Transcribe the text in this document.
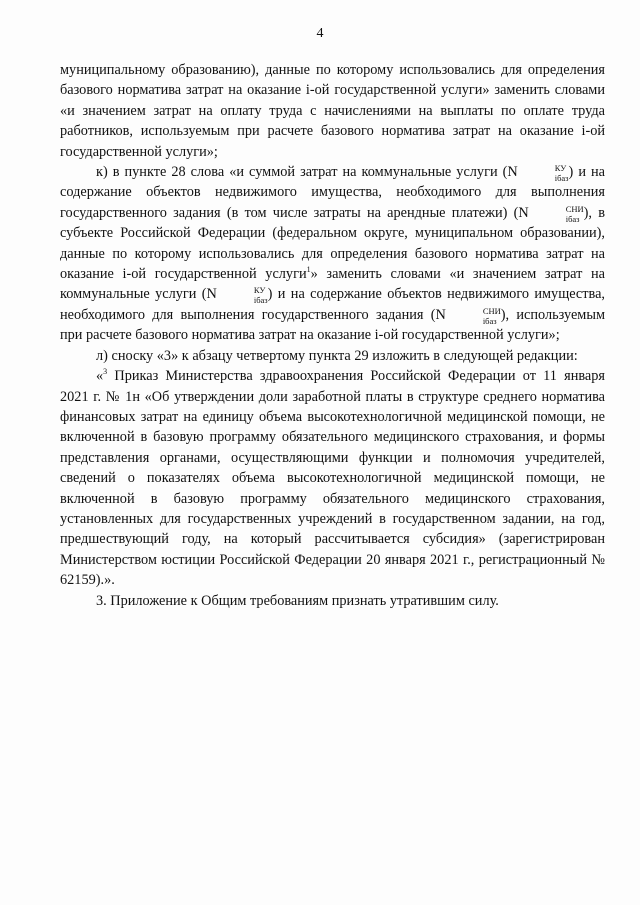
4

муниципальному образованию), данные по которому использовались для определения базового норматива затрат на оказание i-ой государственной услуги» заменить словами «и значением затрат на оплату труда с начислениями на выплаты по оплате труда работников, используемым при расчете базового норматива затрат на оказание i-ой государственной услуги»;

к) в пункте 28 слова «и суммой затрат на коммунальные услуги (N	КУ
iбаз ) и на содержание объектов недвижимого имущества, необходимого для выполнения государственного задания (в том числе затраты на арендные платежи) (N	СНИ
iбаз ), в субъекте Российской Федерации (федеральном округе, муниципальном образовании), данные по которому использовались для определения базового норматива затрат на оказание i-ой государственной услуги$^1$» заменить словами «и значением затрат на коммунальные услуги (N	КУ
iбаз ) и на содержание объектов недвижимого имущества, необходимого для выполнения государственного задания (N	СНИ
iбаз ), используемым при расчете базового норматива затрат на оказание i-ой государственной услуги»;

л) сноску «3» к абзацу четвертому пункта 29 изложить в следующей редакции:

«$^3$ Приказ Министерства здравоохранения Российской Федерации от 11 января 2021 г. № 1н «Об утверждении доли заработной платы в структуре среднего норматива финансовых затрат на единицу объема высокотехнологичной медицинской помощи, не включенной в базовую программу обязательного медицинского страхования, и формы представления органами, осуществляющими функции и полномочия учредителей, сведений о показателях объема высокотехнологичной медицинской помощи, не включенной в базовую программу обязательного медицинского страхования, установленных для государственных учреждений в государственном задании, на год, предшествующий году, на который рассчитывается субсидия» (зарегистрирован Министерством юстиции Российской Федерации 20 января 2021 г., регистрационный № 62159).».

3. Приложение к Общим требованиям признать утратившим силу.
